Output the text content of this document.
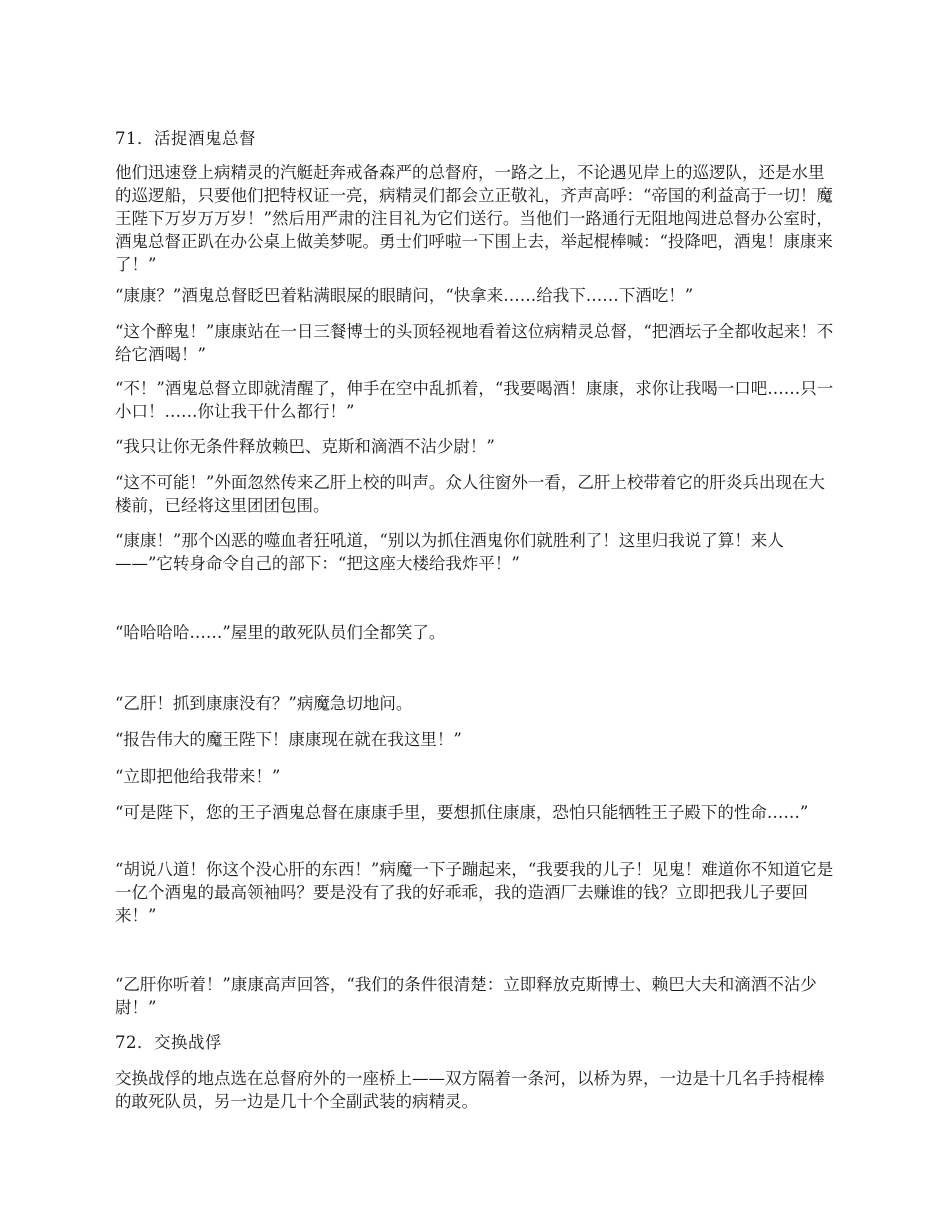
71．活捉酒鬼总督
他们迅速登上病精灵的汽艇赶奔戒备森严的总督府，一路之上，不论遇见岸上的巡逻队，还是水里的巡逻船，只要他们把特权证一亮，病精灵们都会立正敬礼，齐声高呼：“帝国的利益高于一切！魔王陛下万岁万万岁！”然后用严肃的注目礼为它们送行。当他们一路通行无阻地闯进总督办公室时，酒鬼总督正趴在办公桌上做美梦呢。勇士们呼啦一下围上去，举起棍棒喊：“投降吧，酒鬼！康康来了！”
“康康？”酒鬼总督眨巴着粘满眼屎的眼睛问，“快拿来……给我下……下酒吃！”
“这个醉鬼！”康康站在一日三餐博士的头顶轻视地看着这位病精灵总督，“把酒坛子全都收起来！不给它酒喝！”
“不！”酒鬼总督立即就清醒了，伸手在空中乱抓着，“我要喝酒！康康，求你让我喝一口吧……只一小口！……你让我干什么都行！”
“我只让你无条件释放赖巴、克斯和滴酒不沾少尉！”
“这不可能！”外面忽然传来乙肝上校的叫声。众人往窗外一看，乙肝上校带着它的肝炎兵出现在大楼前，已经将这里团团包围。
“康康！”那个凶恶的噬血者狂吼道，“别以为抓住酒鬼你们就胜利了！这里归我说了算！来人——”它转身命令自己的部下：“把这座大楼给我炸平！”
“哈哈哈哈……”屋里的敢死队员们全都笑了。
“乙肝！抓到康康没有？”病魔急切地问。
“报告伟大的魔王陛下！康康现在就在我这里！”
“立即把他给我带来！”
“可是陛下，您的王子酒鬼总督在康康手里，要想抓住康康，恐怕只能牺牲王子殿下的性命……”
“胡说八道！你这个没心肝的东西！”病魔一下子蹦起来，“我要我的儿子！见鬼！难道你不知道它是一亿个酒鬼的最高领袖吗？要是没有了我的好乖乖，我的造酒厂去赚谁的钱？立即把我儿子要回来！”
“乙肝你听着！”康康高声回答，“我们的条件很清楚：立即释放克斯博士、赖巴大夫和滴酒不沾少尉！”
72．交换战俘
交换战俘的地点选在总督府外的一座桥上——双方隔着一条河，以桥为界，一边是十几名手持棍棒的敢死队员，另一边是几十个全副武装的病精灵。
